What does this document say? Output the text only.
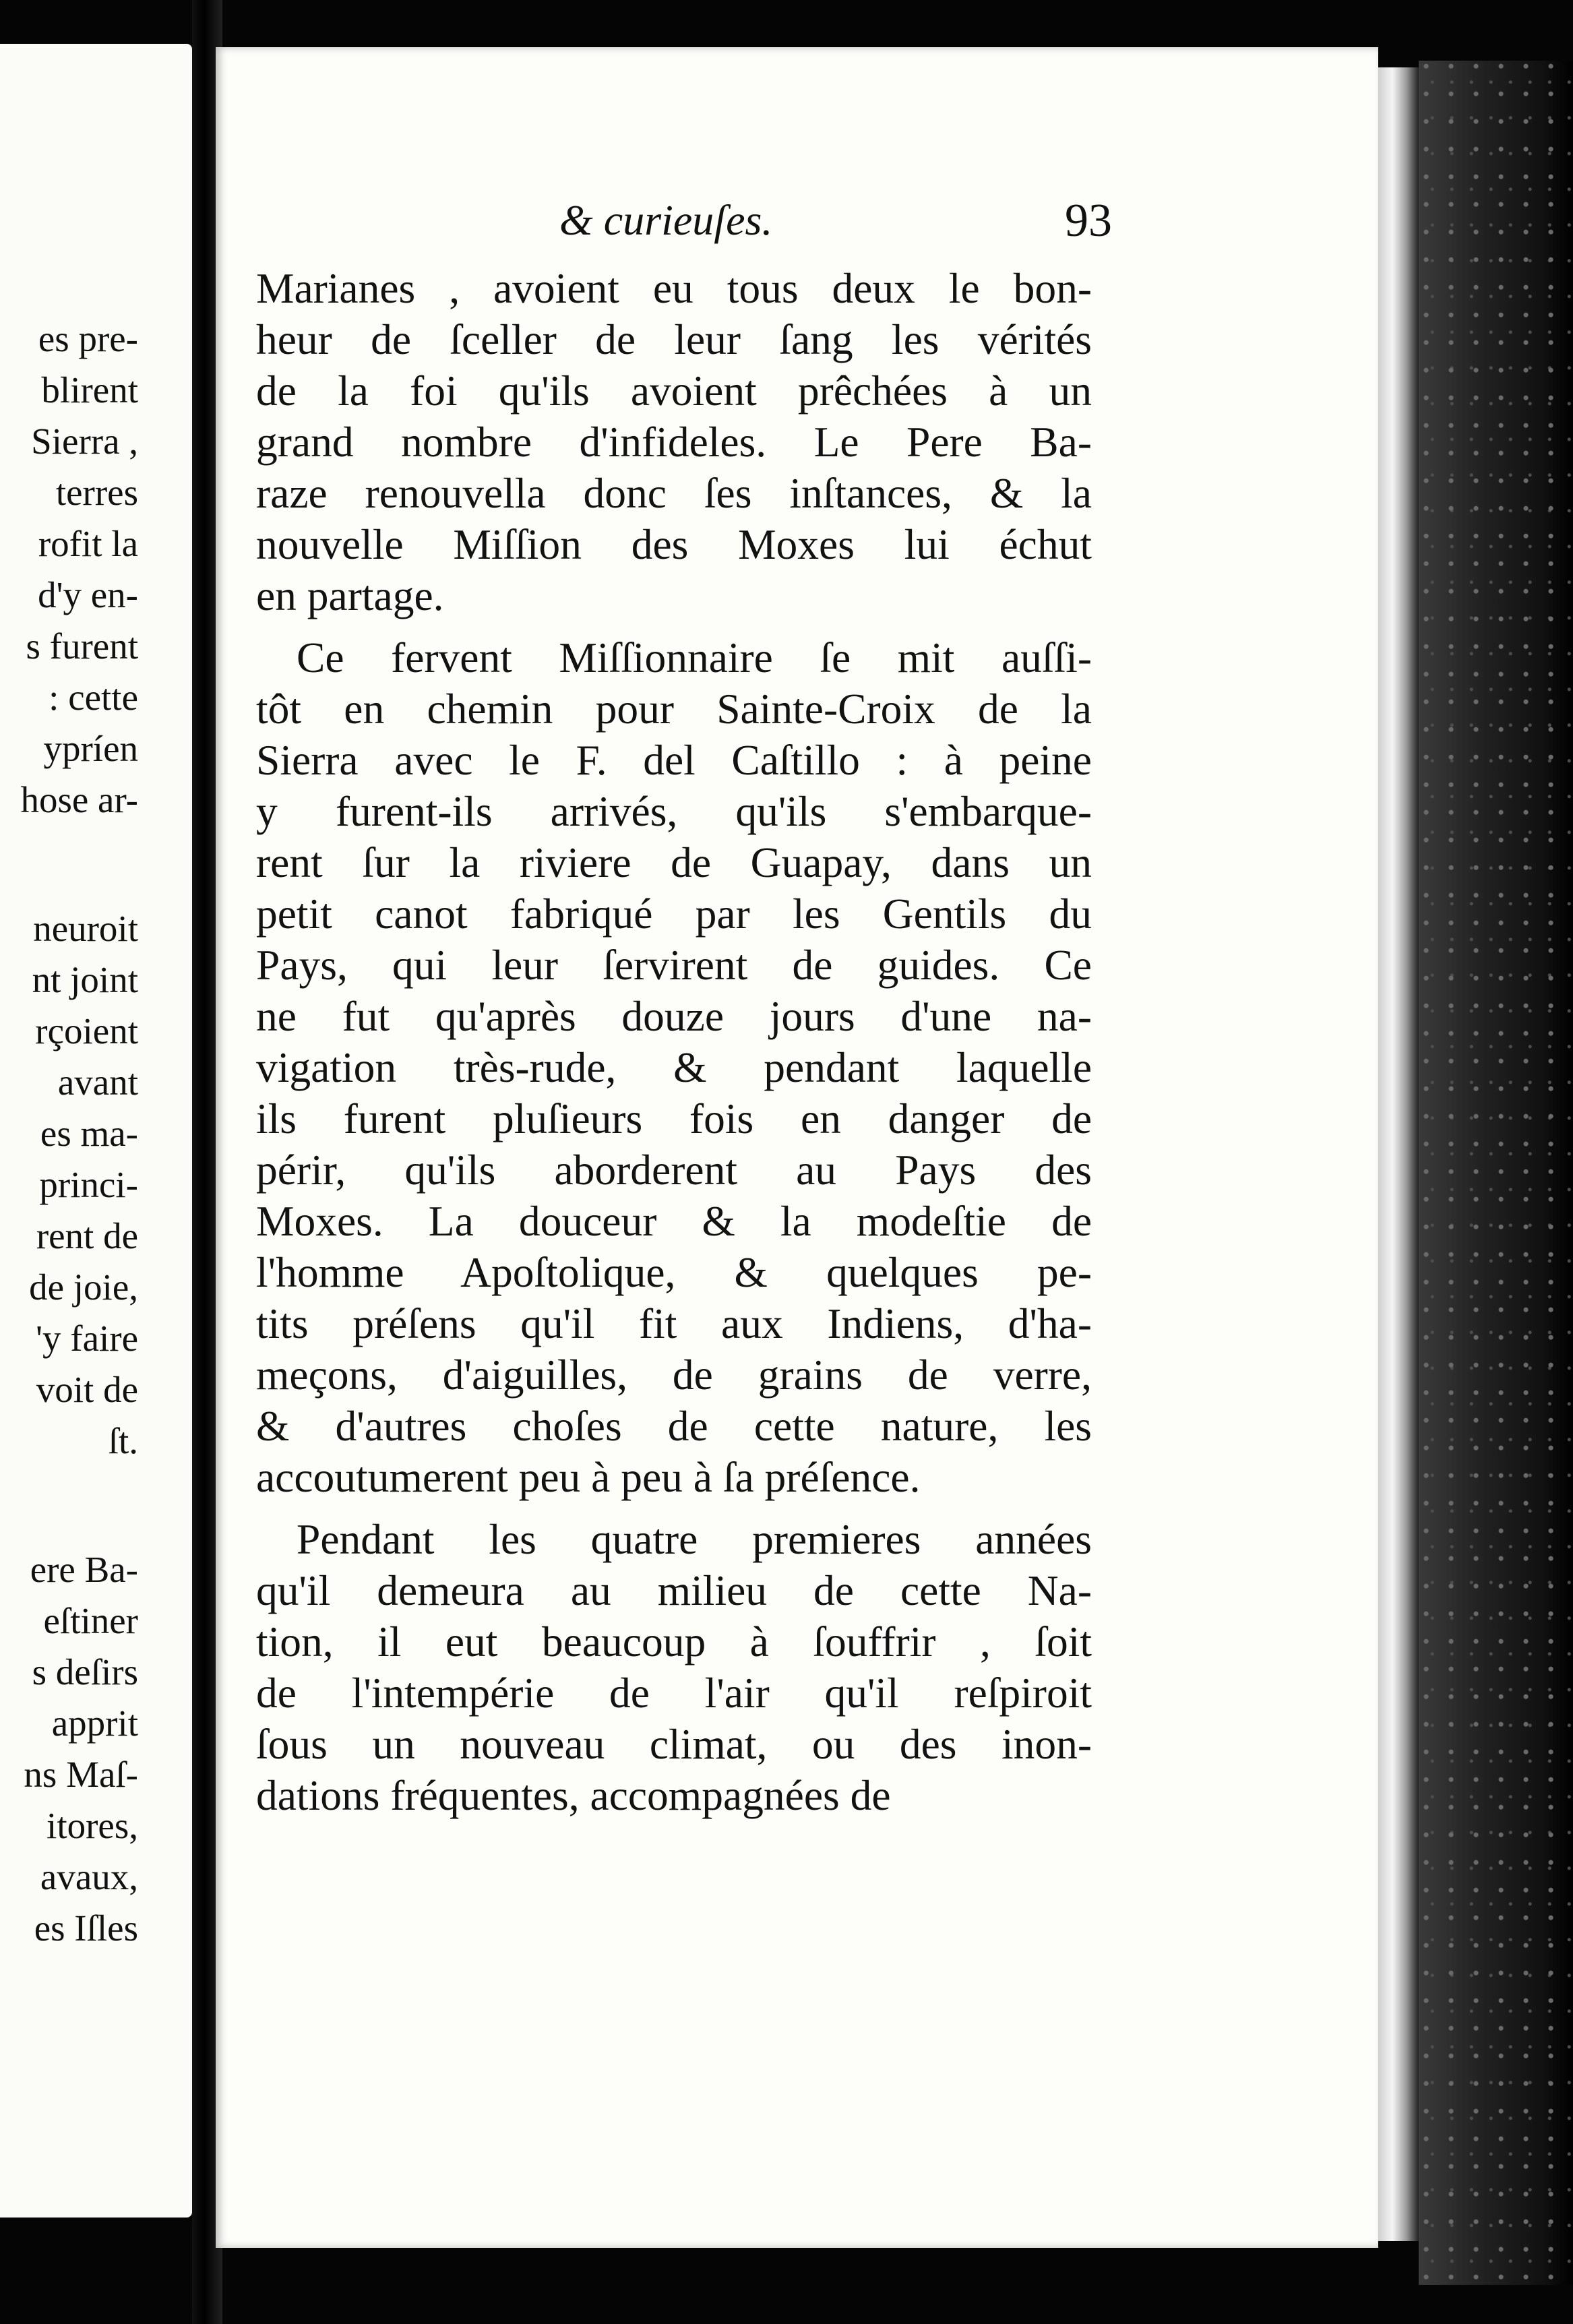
es pre-
blirent
Sierra ,
terres
rofit la
d'y en-
s furent
: cette
ypríen
hose ar-
neuroit
nt joint
rçoient
avant
es ma-
princi-
rent de
de joie,
'y faire
voit de
ſt.
ere Ba-
eſtiner
s deſirs
apprit
ns Maſ-
itores,
avaux,
es Iſles
& curieuſes.	93
Marianes , avoient eu tous deux le bon-
heur de ſceller de leur ſang les vérités
de la foi qu'ils avoient prêchées à un
grand nombre d'infideles. Le Pere Ba-
raze renouvella donc ſes inſtances, & la
nouvelle Miſſion des Moxes lui échut
en partage.
Ce fervent Miſſionnaire ſe mit auſſi-
tôt en chemin pour Sainte-Croix de la
Sierra avec le F. del Caſtillo : à peine
y furent-ils arrivés, qu'ils s'embarque-
rent ſur la riviere de Guapay, dans un
petit canot fabriqué par les Gentils du
Pays, qui leur ſervirent de guides. Ce
ne fut qu'après douze jours d'une na-
vigation très-rude, & pendant laquelle
ils furent pluſieurs fois en danger de
périr, qu'ils aborderent au Pays des
Moxes. La douceur & la modeſtie de
l'homme Apoſtolique, & quelques pe-
tits préſens qu'il fit aux Indiens, d'ha-
meçons, d'aiguilles, de grains de verre,
& d'autres choſes de cette nature, les
accoutumerent peu à peu à ſa préſence.
Pendant les quatre premieres années
qu'il demeura au milieu de cette Na-
tion, il eut beaucoup à ſouffrir , ſoit
de l'intempérie de l'air qu'il reſpiroit
ſous un nouveau climat, ou des inon-
dations fréquentes, accompagnées de
